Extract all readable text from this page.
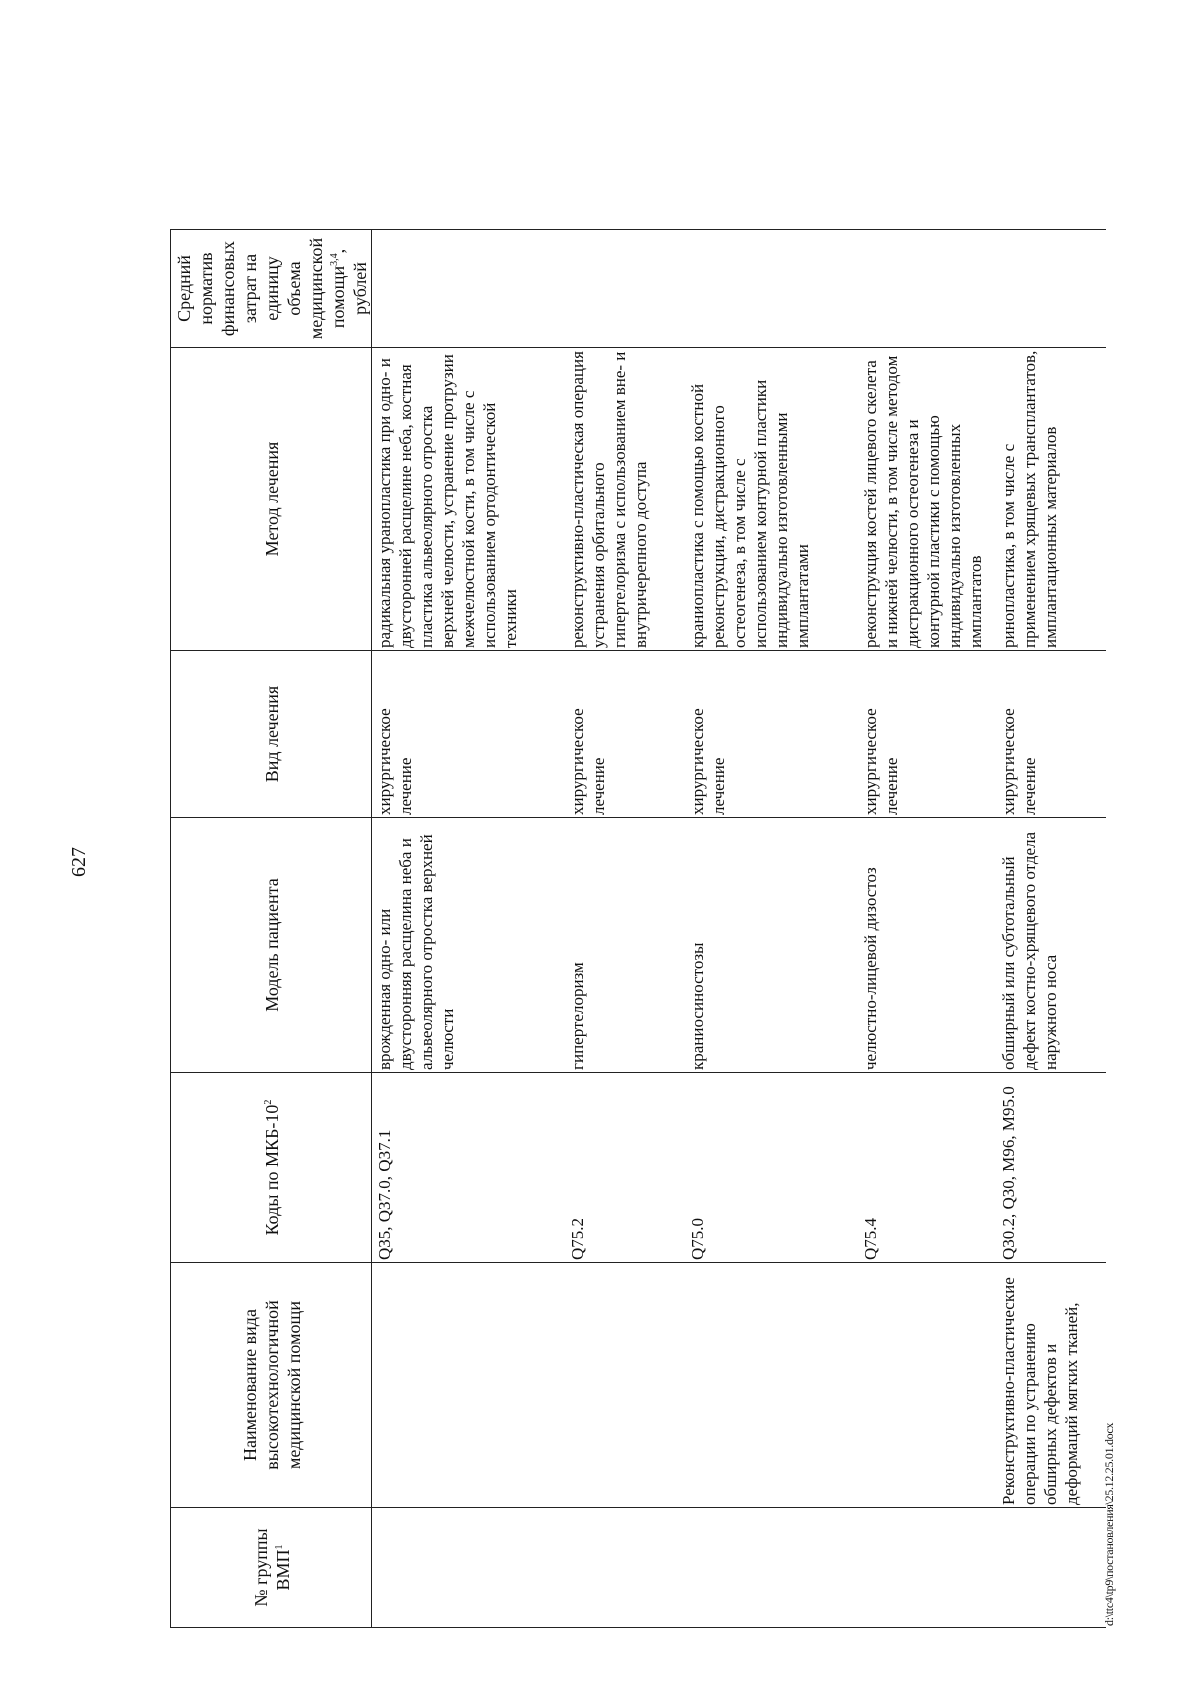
627
№ группы ВМП$^1$	Наименование вида высокотехнологичной медицинской помощи	Коды по МКБ-$10^2$	Модель пациента	Вид лечения	Метод лечения	Средний норматив финансовых затрат на единицу объема медицинской помощи$^{3,4}$, рублей
		Q35, Q37.0, Q37.1	врожденная одно- или двусторонняя расщелина неба и альвеолярного отростка верхней челюсти	хирургическое лечение	радикальная уранопластика при одно- и двусторонней расщелине неба, костная пластика альвеолярного отростка верхней челюсти, устранение протрузии межчелюстной кости, в том числе с использованием ортодонтической техники	
		Q75.2	гипертелоризм	хирургическое лечение	реконструктивно-пластическая операция устранения орбитального гипертелоризма с использованием вне- и внутричерепного доступа	
		Q75.0	краниосиностозы	хирургическое лечение	краниопластика с помощью костной реконструкции, дистракционного остеогенеза, в том числе с использованием контурной пластики индивидуально изготовленными имплантатами	
		Q75.4	челюстно-лицевой дизостоз	хирургическое лечение	реконструкция костей лицевого скелета и нижней челюсти, в том числе методом дистракционного остеогенеза и контурной пластики с помощью индивидуально изготовленных имплантатов	
	Реконструктивно-пластические операции по устранению обширных дефектов и деформаций мягких тканей,	Q30.2, Q30, M96, M95.0	обширный или субтотальный дефект костно-хрящевого отдела наружного носа	хирургическое лечение	ринопластика, в том числе с применением хрящевых трансплантатов, имплантационных материалов	
d:\ttc4\tp9\постановления\25.12.25.01.docx
